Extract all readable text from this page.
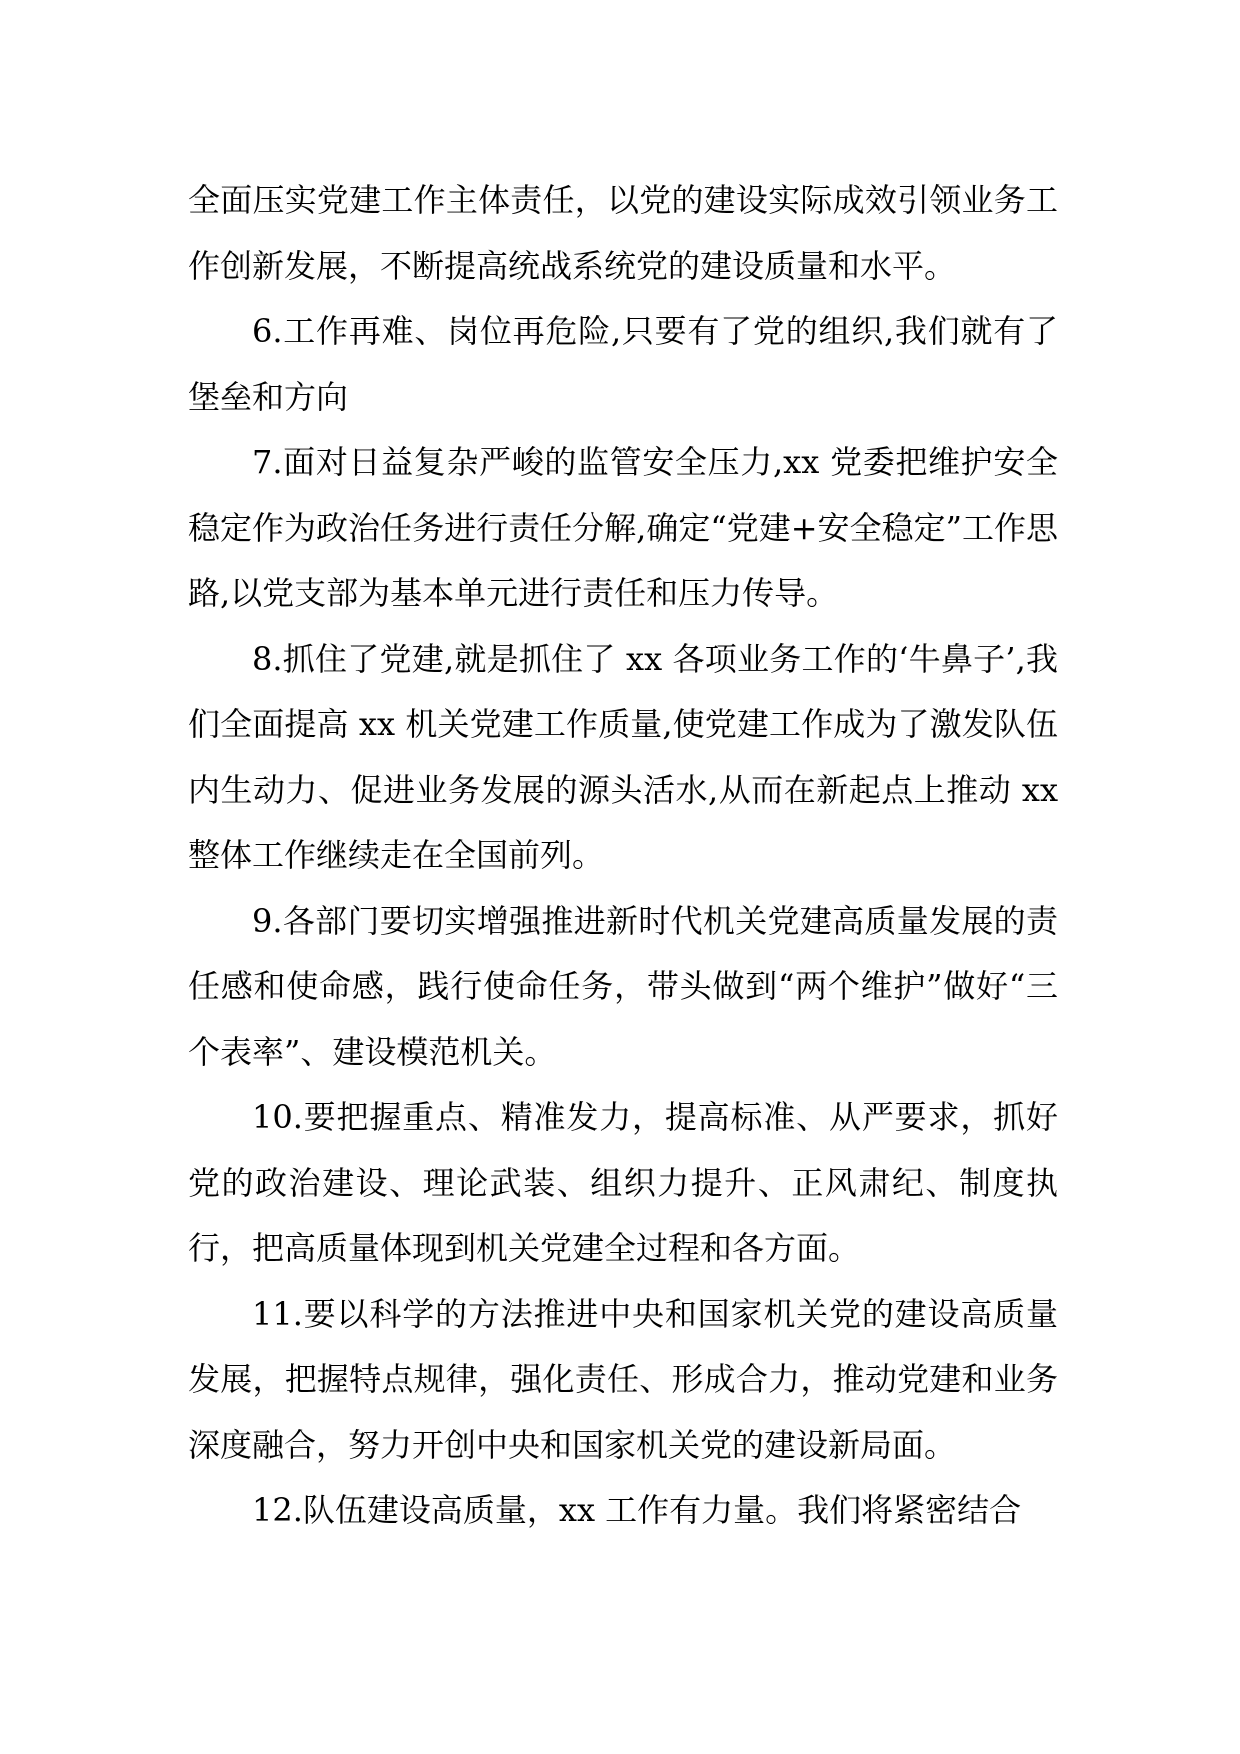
全面压实党建工作主体责任，以党的建设实际成效引领业务工作创新发展，不断提高统战系统党的建设质量和水平。

6.工作再难、岗位再危险,只要有了党的组织,我们就有了堡垒和方向

7.面对日益复杂严峻的监管安全压力,xx 党委把维护安全稳定作为政治任务进行责任分解,确定“党建+安全稳定”工作思路,以党支部为基本单元进行责任和压力传导。

8.抓住了党建,就是抓住了 xx 各项业务工作的‘牛鼻子’,我们全面提高 xx 机关党建工作质量,使党建工作成为了激发队伍内生动力、促进业务发展的源头活水,从而在新起点上推动 xx 整体工作继续走在全国前列。

9.各部门要切实增强推进新时代机关党建高质量发展的责任感和使命感，践行使命任务，带头做到“两个维护”做好“三个表率”、建设模范机关。

10.要把握重点、精准发力，提高标准、从严要求，抓好党的政治建设、理论武装、组织力提升、正风肃纪、制度执行，把高质量体现到机关党建全过程和各方面。

11.要以科学的方法推进中央和国家机关党的建设高质量发展，把握特点规律，强化责任、形成合力，推动党建和业务深度融合，努力开创中央和国家机关党的建设新局面。

12.队伍建设高质量，xx 工作有力量。我们将紧密结合
